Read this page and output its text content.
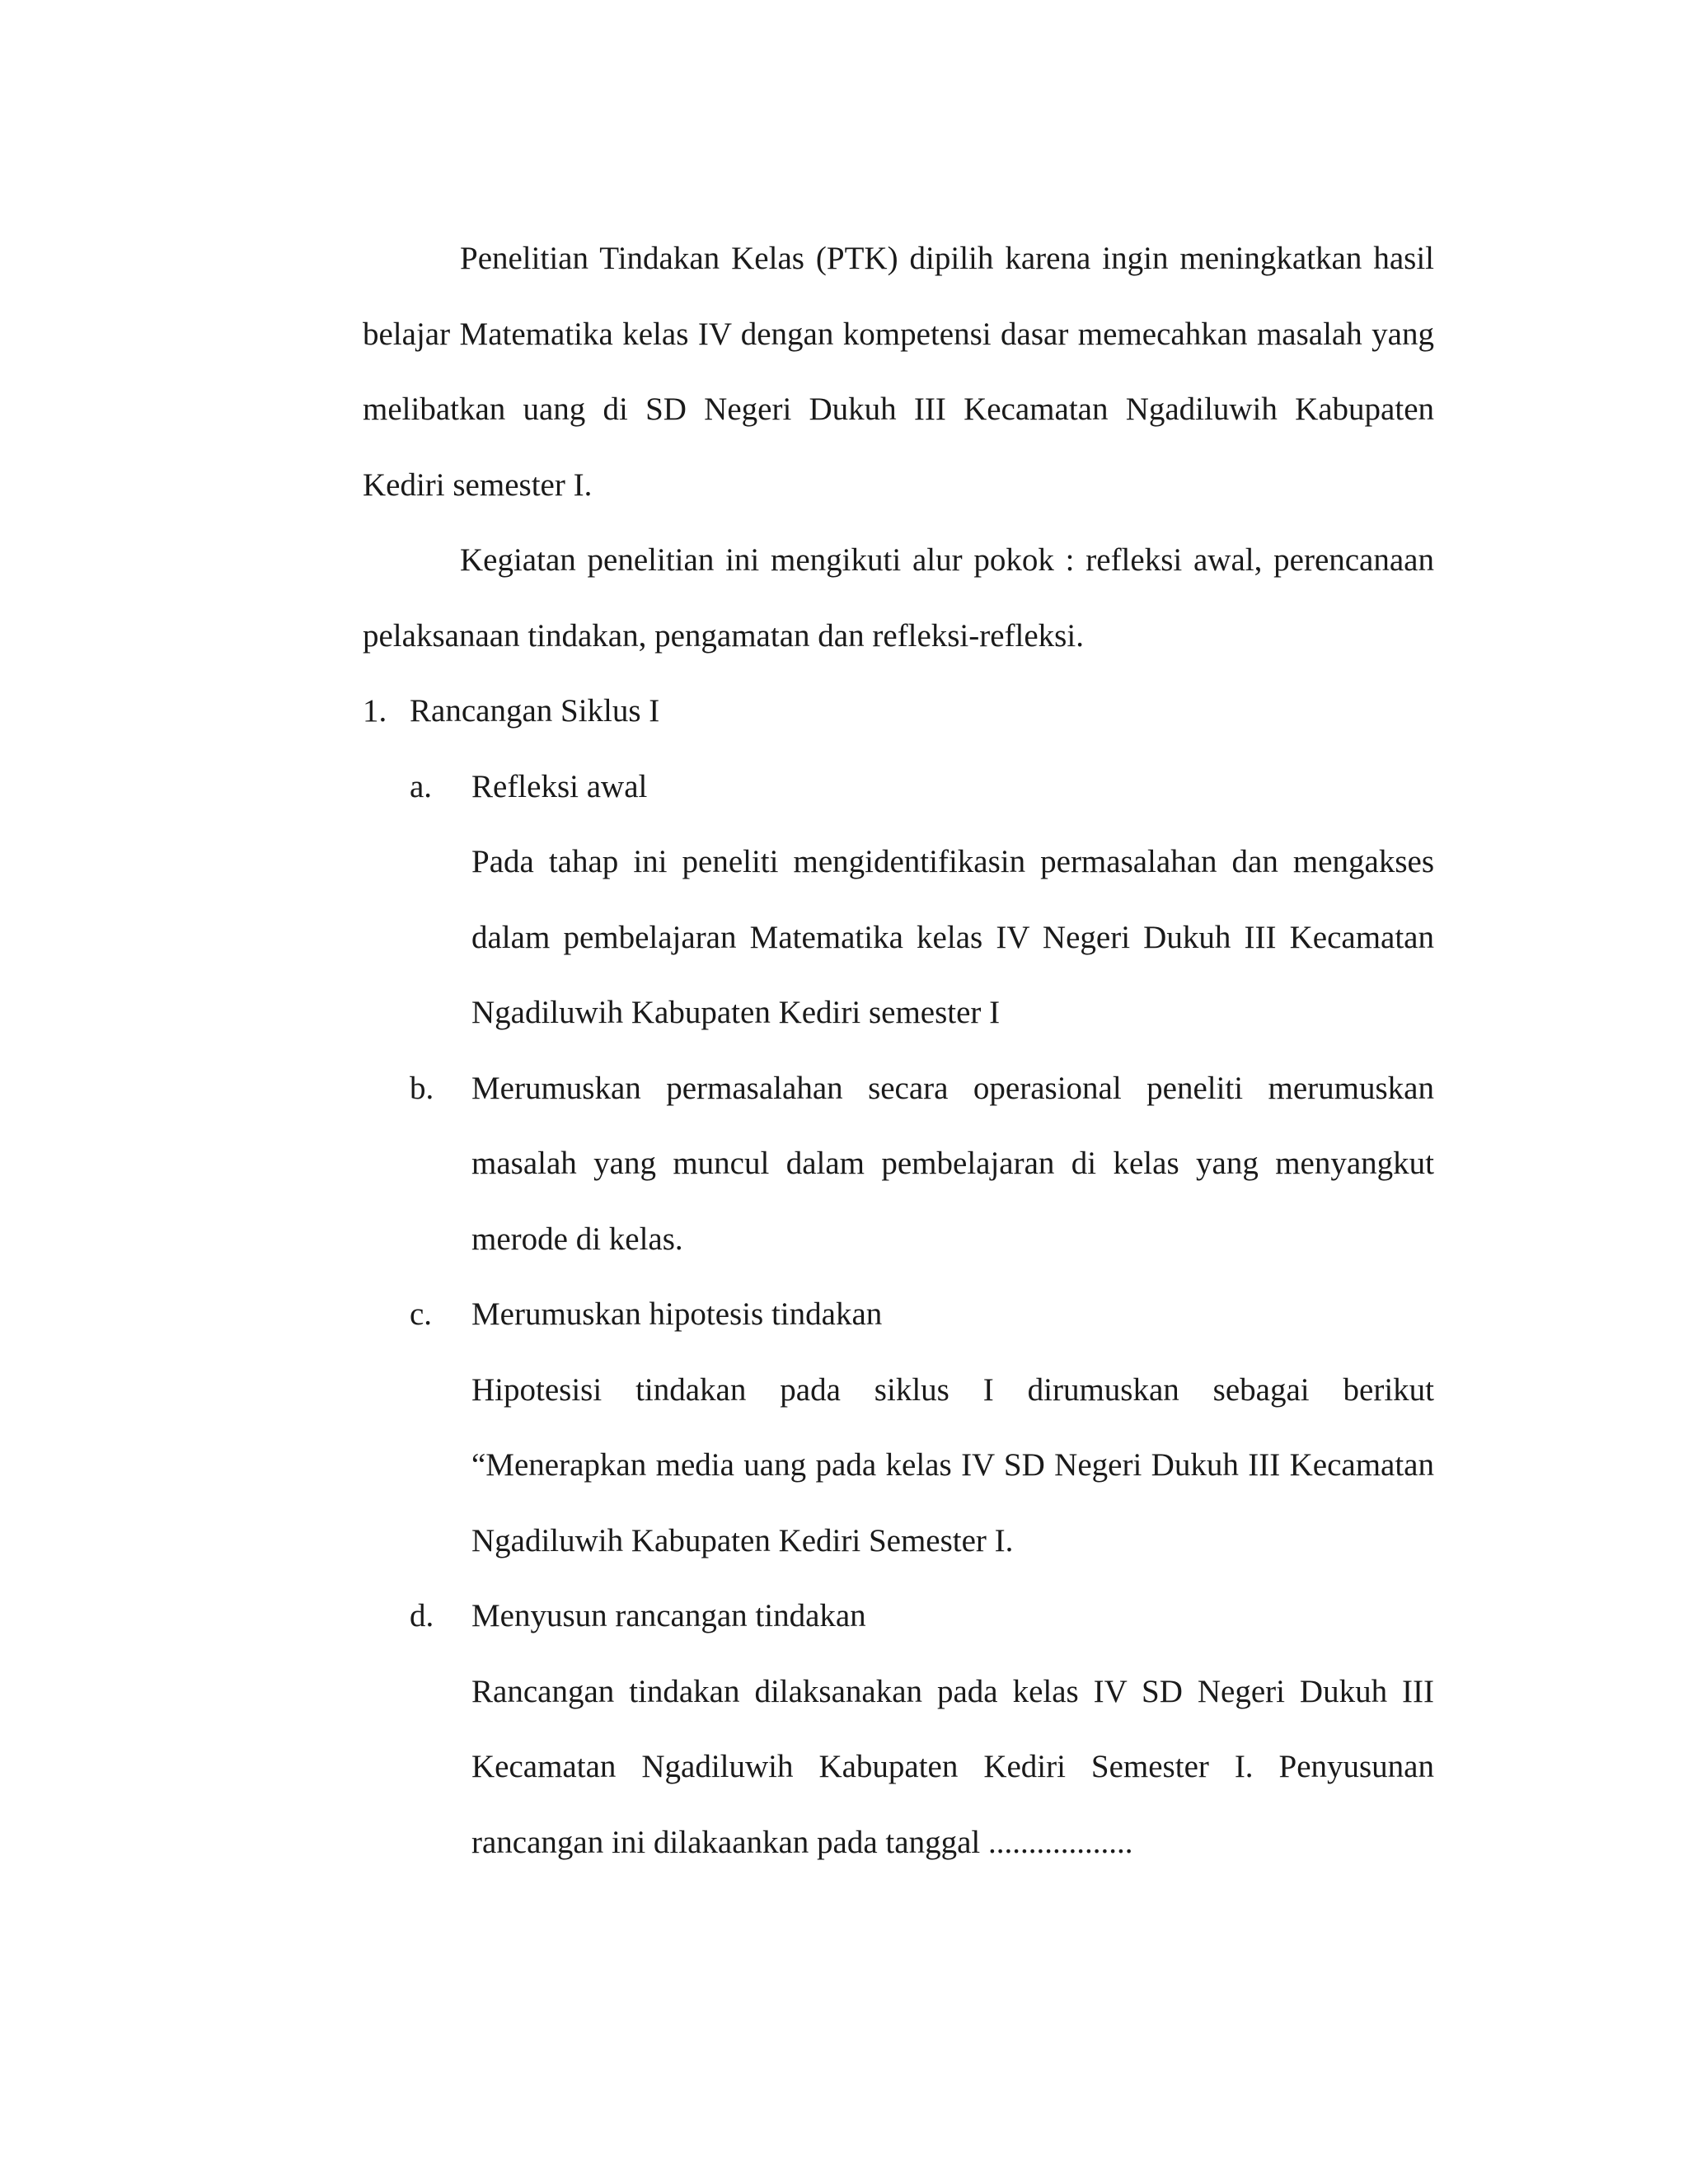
Penelitian Tindakan Kelas (PTK) dipilih karena ingin meningkatkan hasil belajar Matematika kelas IV dengan kompetensi dasar memecahkan masalah yang melibatkan uang di SD Negeri Dukuh III Kecamatan Ngadiluwih Kabupaten Kediri semester I.

Kegiatan penelitian ini mengikuti alur pokok : refleksi awal, perencanaan pelaksanaan tindakan, pengamatan dan refleksi-refleksi.

1. Rancangan Siklus I
a. Refleksi awal
Pada tahap ini peneliti mengidentifikasin permasalahan dan mengakses dalam pembelajaran Matematika kelas IV Negeri Dukuh III Kecamatan Ngadiluwih Kabupaten Kediri semester I
b. Merumuskan permasalahan secara operasional peneliti merumuskan masalah yang muncul dalam pembelajaran di kelas yang menyangkut merode di kelas.
c. Merumuskan hipotesis tindakan
Hipotesisi tindakan pada siklus I dirumuskan sebagai berikut “Menerapkan media uang pada kelas IV SD Negeri Dukuh III Kecamatan Ngadiluwih Kabupaten Kediri Semester I.
d. Menyusun rancangan tindakan
Rancangan tindakan dilaksanakan pada kelas IV SD Negeri Dukuh III Kecamatan Ngadiluwih Kabupaten Kediri Semester I. Penyusunan rancangan ini dilakaankan pada tanggal ..................
